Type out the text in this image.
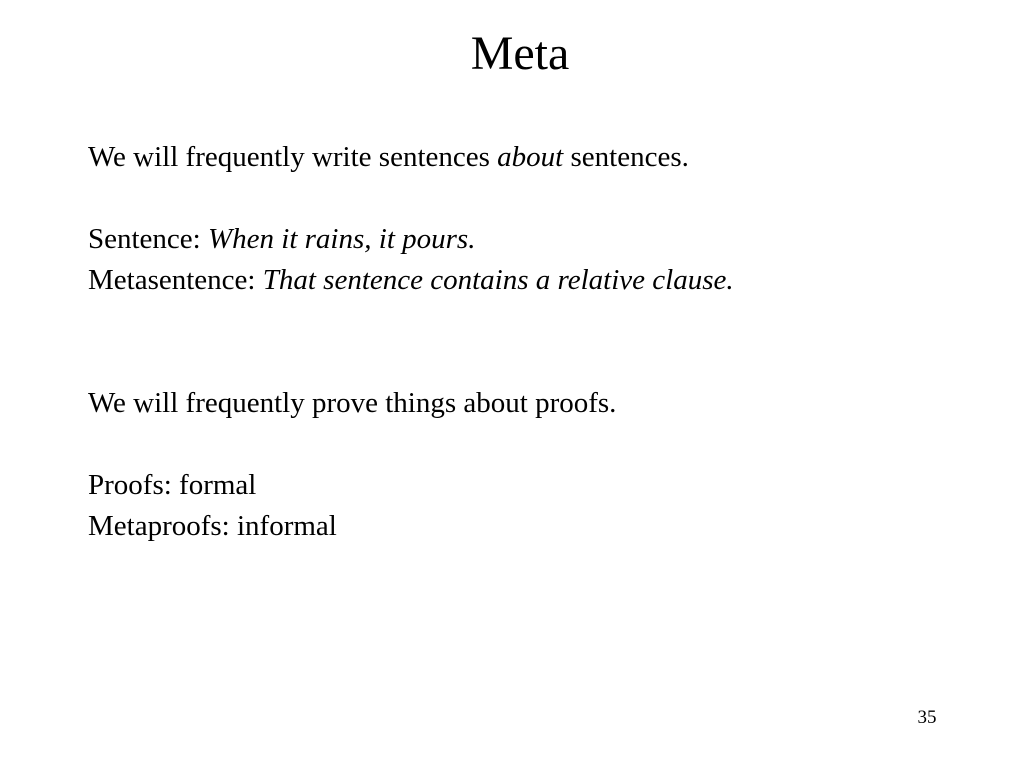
Meta
We will frequently write sentences about sentences.
Sentence: When it rains, it pours.
Metasentence: That sentence contains a relative clause.
We will frequently prove things about proofs.
Proofs: formal
Metaproofs: informal
35
